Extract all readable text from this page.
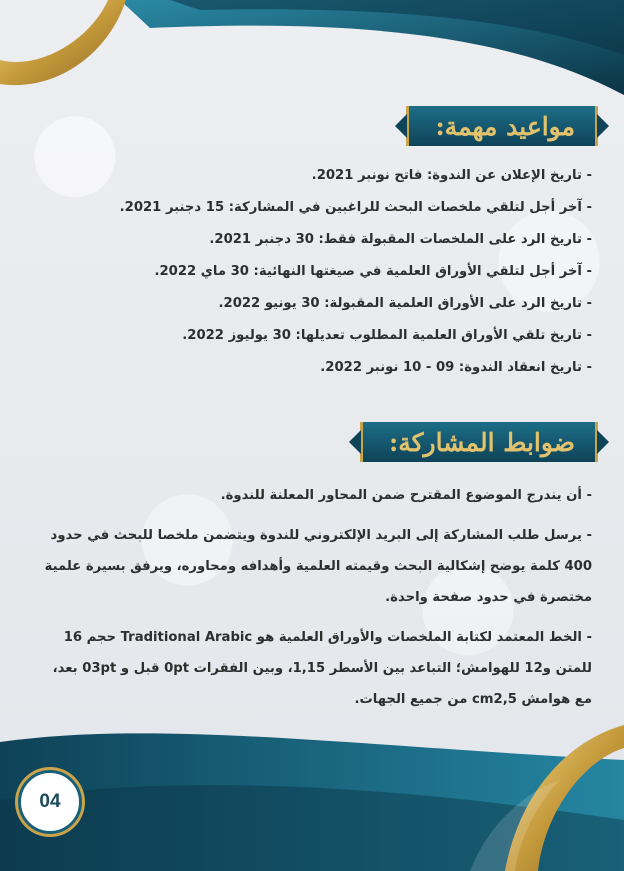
مواعيد مهمة:
- تاريخ الإعلان عن الندوة: فاتح نونبر 2021.
- آخر أجل لتلقي ملخصات البحث للراغبين في المشاركة: 15 دجنبر 2021.
- تاريخ الرد على الملخصات المقبولة فقط: 30 دجنبر 2021.
- آخر أجل لتلقي الأوراق العلمية في صيغتها النهائية: 30 ماي 2022.
- تاريخ الرد على الأوراق العلمية المقبولة: 30 يونيو 2022.
- تاريخ تلقي الأوراق العلمية المطلوب تعديلها: 30 يوليوز 2022.
- تاريخ انعقاد الندوة: 09 - 10 نونبر 2022.
ضوابط المشاركة:
- أن يندرج الموضوع المقترح ضمن المحاور المعلنة للندوة.
- يرسل طلب المشاركة إلى البريد الإلكتروني للندوة ويتضمن ملخصا للبحث في حدود 400 كلمة يوضح إشكالية البحث وقيمته العلمية وأهدافه ومحاوره، ويرفق بسيرة علمية مختصرة في حدود صفحة واحدة.
- الخط المعتمد لكتابة الملخصات والأوراق العلمية هو Traditional Arabic حجم 16 للمتن و12 للهوامش؛ التباعد بين الأسطر 1,15، وبين الفقرات 0pt قبل و 03pt بعد، مع هوامش cm2,5 من جميع الجهات.
04
